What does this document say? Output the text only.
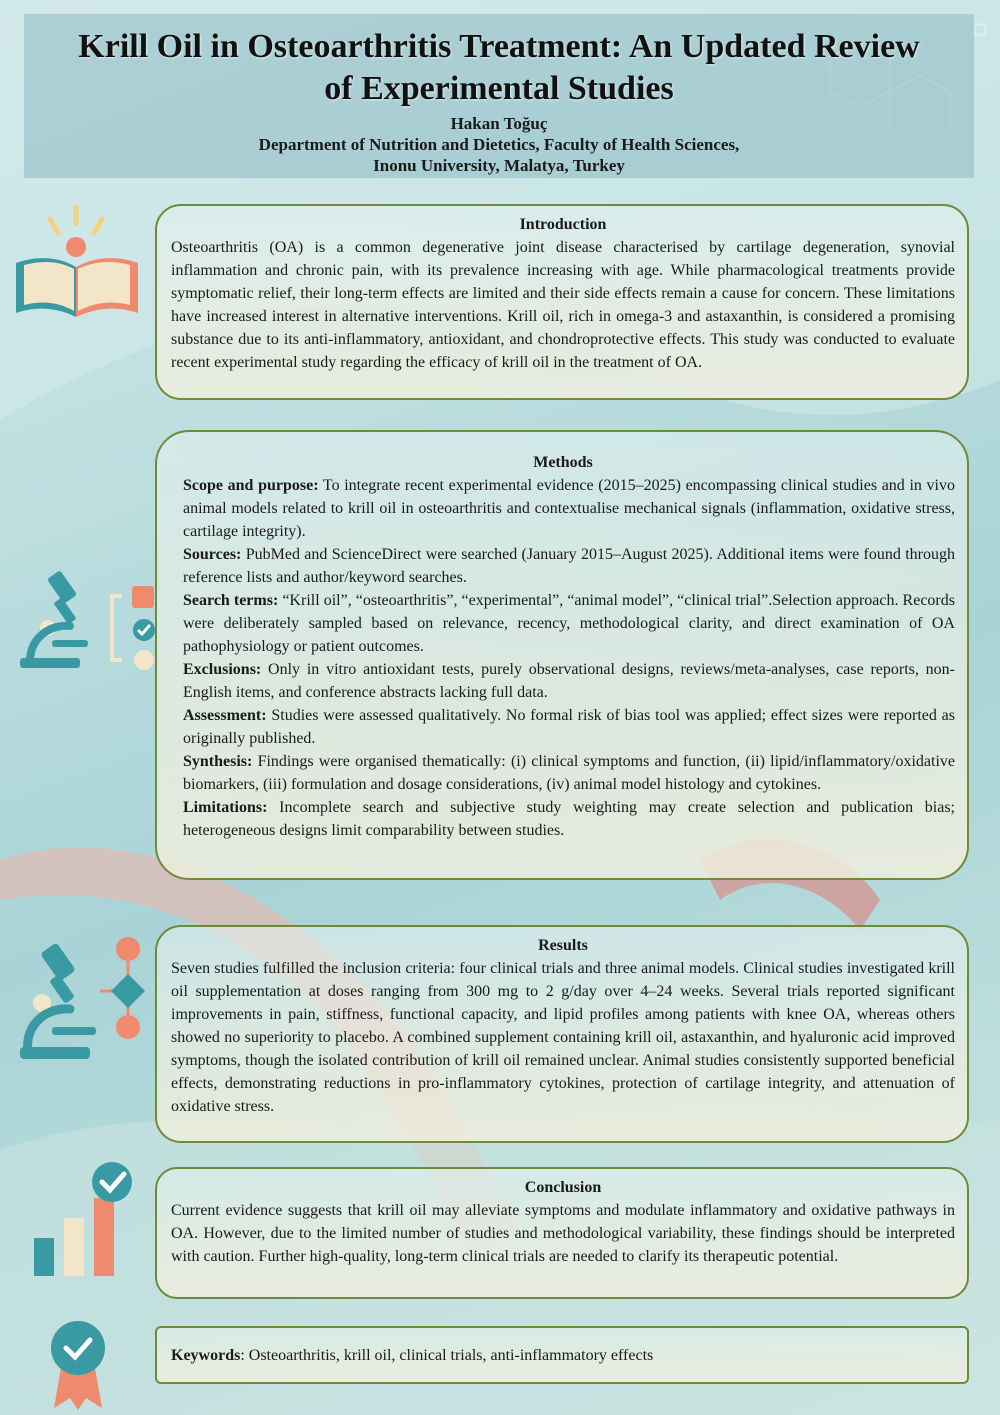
Krill Oil in Osteoarthritis Treatment: An Updated Review
of Experimental Studies
Hakan Toğuç
Department of Nutrition and Dietetics, Faculty of Health Sciences,
Inonu University, Malatya, Turkey
Introduction

Osteoarthritis (OA) is a common degenerative joint disease characterised by cartilage degeneration, synovial inflammation and chronic pain, with its prevalence increasing with age. While pharmacological treatments provide symptomatic relief, their long-term effects are limited and their side effects remain a cause for concern. These limitations have increased interest in alternative interventions. Krill oil, rich in omega-3 and astaxanthin, is considered a promising substance due to its anti-inflammatory, antioxidant, and chondroprotective effects. This study was conducted to evaluate recent experimental study regarding the efficacy of krill oil in the treatment of OA.

Methods

Scope and purpose: To integrate recent experimental evidence (2015–2025) encompassing clinical studies and in vivo animal models related to krill oil in osteoarthritis and contextualise mechanical signals (inflammation, oxidative stress, cartilage integrity).

Sources: PubMed and ScienceDirect were searched (January 2015–August 2025). Additional items were found through reference lists and author/keyword searches.

Search terms: “Krill oil”, “osteoarthritis”, “experimental”, “animal model”, “clinical trial”.Selection approach. Records were deliberately sampled based on relevance, recency, methodological clarity, and direct examination of OA pathophysiology or patient outcomes.

Exclusions: Only in vitro antioxidant tests, purely observational designs, reviews/meta-analyses, case reports, non-English items, and conference abstracts lacking full data.

Assessment: Studies were assessed qualitatively. No formal risk of bias tool was applied; effect sizes were reported as originally published.

Synthesis: Findings were organised thematically: (i) clinical symptoms and function, (ii) lipid/inflammatory/oxidative biomarkers, (iii) formulation and dosage considerations, (iv) animal model histology and cytokines.

Limitations: Incomplete search and subjective study weighting may create selection and publication bias; heterogeneous designs limit comparability between studies.

Results

Seven studies fulfilled the inclusion criteria: four clinical trials and three animal models. Clinical studies investigated krill oil supplementation at doses ranging from 300 mg to 2 g/day over 4–24 weeks. Several trials reported significant improvements in pain, stiffness, functional capacity, and lipid profiles among patients with knee OA, whereas others showed no superiority to placebo. A combined supplement containing krill oil, astaxanthin, and hyaluronic acid improved symptoms, though the isolated contribution of krill oil remained unclear. Animal studies consistently supported beneficial effects, demonstrating reductions in pro-inflammatory cytokines, protection of cartilage integrity, and attenuation of oxidative stress.

Conclusion

Current evidence suggests that krill oil may alleviate symptoms and modulate inflammatory and oxidative pathways in OA. However, due to the limited number of studies and methodological variability, these findings should be interpreted with caution. Further high-quality, long-term clinical trials are needed to clarify its therapeutic potential.

Keywords: Osteoarthritis, krill oil, clinical trials, anti-inflammatory effects
